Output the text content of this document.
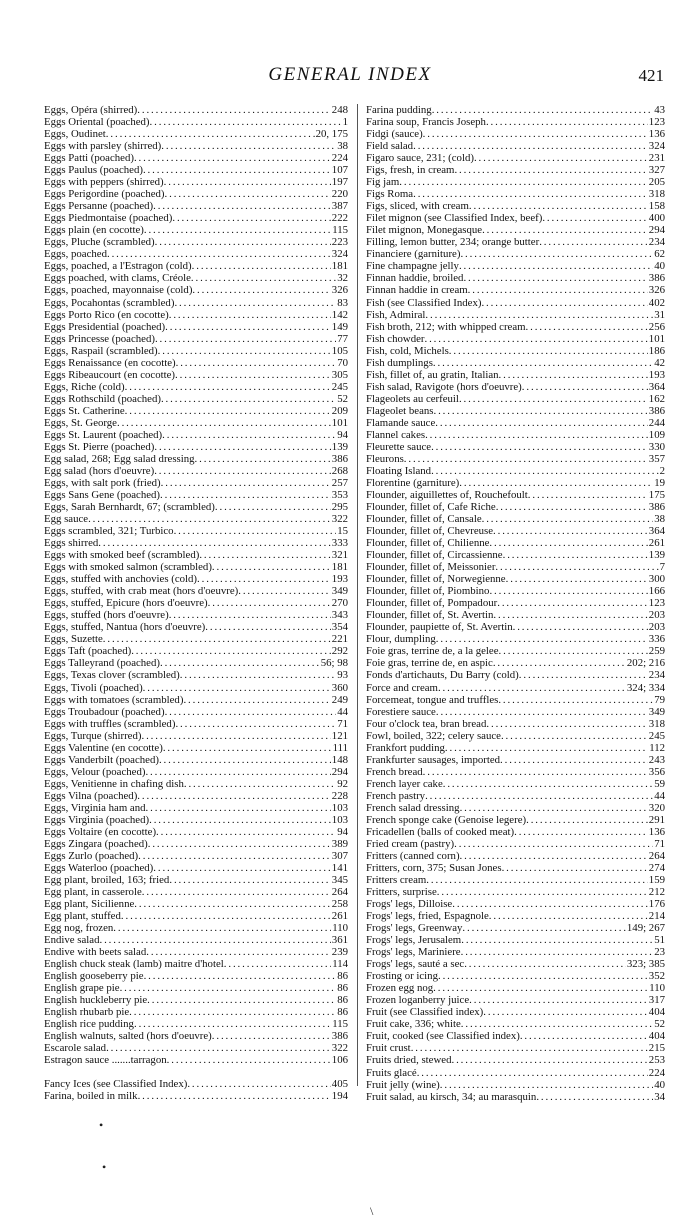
GENERAL INDEX	421
Eggs, Opéra (shirred) . . .	248
Eggs Oriental (poached) . . .	1
Eggs, Oudinet . . .	20, 175
Eggs with parsley (shirred) . . .	38
Eggs Patti (poached) . . .	224
Eggs Paulus (poached) . . .	107
Eggs with peppers (shirred) . . .	197
Eggs Perigordine (poached) . . .	220
Eggs Persanne (poached) . . .	387
Eggs Piedmontaise (poached) . . .	222
Eggs plain (en cocotte) . . .	115
Eggs, Pluche (scrambled) . . .	223
Eggs, poached . . .	324
Eggs, poached, a l'Estragon (cold) . . .	181
Eggs poached, with clams, Créole . . .	32
Eggs, poached, mayonnaise (cold) . . .	326
Eggs, Pocahontas (scrambled) . . .	83
Eggs Porto Rico (en cocotte) . . .	142
Eggs Presidential (poached) . . .	149
Eggs Princesse (poached) . . .	77
Eggs, Raspail (scrambled) . . .	105
Eggs Renaissance (en cocotte) . . .	70
Eggs Ribeaucourt (en cocotte) . . .	305
Eggs, Riche (cold) . . .	245
Eggs Rothschild (poached) . . .	52
Eggs St. Catherine . . .	209
Eggs, St. George . . .	101
Eggs St. Laurent (poached) . . .	94
Eggs St. Pierre (poached) . . .	139
Egg salad, 268; Egg salad dressing . . .	386
Egg salad (hors d'oeuvre) . . .	268
Eggs, with salt pork (fried) . . .	257
Eggs Sans Gene (poached) . . .	353
Eggs, Sarah Bernhardt, 67; (scrambled) . . .	295
Egg sauce . . .	322
Eggs scrambled, 321; Turbico . . .	15
Eggs shirred . . .	333
Eggs with smoked beef (scrambled) . . .	321
Eggs with smoked salmon (scrambled) . . .	181
Eggs, stuffed with anchovies (cold) . . .	193
Eggs, stuffed, with crab meat (hors d'oeuvre) . . .	349
Eggs, stuffed, Epicure (hors d'oeuvre) . . .	270
Eggs, stuffed (hors d'oeuvre) . . .	343
Eggs, stuffed, Nantua (hors d'oeuvre) . . .	354
Eggs, Suzette . . .	221
Eggs Taft (poached) . . .	292
Eggs Talleyrand (poached) . . .	56; 98
Eggs, Texas clover (scrambled) . . .	93
Eggs, Tivoli (poached) . . .	360
Eggs with tomatoes (scrambled) . . .	249
Eggs Troubadour (poached) . . .	44
Eggs with truffles (scrambled) . . .	71
Eggs, Turque (shirred) . . .	121
Eggs Valentine (en cocotte) . . .	111
Eggs Vanderbilt (poached) . . .	148
Eggs, Velour (poached) . . .	294
Eggs, Venitienne in chafing dish . . .	92
Eggs Vilna (poached) . . .	228
Eggs, Virginia ham and . . .	103
Eggs Virginia (poached) . . .	103
Eggs Voltaire (en cocotte) . . .	94
Eggs Zingara (poached) . . .	389
Eggs Zurlo (poached) . . .	307
Eggs Waterloo (poached) . . .	141
Egg plant, broiled, 163; fried . . .	345
Egg plant, in casserole . . .	264
Egg plant, Sicilienne . . .	258
Egg plant, stuffed . . .	261
Egg nog, frozen . . .	110
Endive salad . . .	361
Endive with beets salad . . .	239
English chuck steak (lamb) maitre d'hotel . . .	114
English gooseberry pie . . .	86
English grape pie . . .	86
English huckleberry pie . . .	86
English rhubarb pie . . .	86
English rice pudding . . .	115
English walnuts, salted (hors d'oeuvre) . . .	386
Escarole salad . . .	322
Estragon sauce .......tarragon . . .	106
Fancy Ices (see Classified Index) . . .	405
Farina, boiled in milk . . .	194
Farina pudding . . .	43
Farina soup, Francis Joseph . . .	123
Fidgi (sauce) . . .	136
Field salad . . .	324
Figaro sauce, 231; (cold) . . .	231
Figs, fresh, in cream . . .	327
Fig jam . . .	205
Figs Roma . . .	318
Figs, sliced, with cream . . .	158
Filet mignon (see Classified Index, beef) . . .	400
Filet mignon, Monegasque . . .	294
Filling, lemon butter, 234; orange butter . . .	234
Financiere (garniture) . . .	62
Fine champagne jelly . . .	40
Finnan haddie, broiled . . .	386
Finnan haddie in cream . . .	326
Fish (see Classified Index) . . .	402
Fish, Admiral . . .	31
Fish broth, 212; with whipped cream . . .	256
Fish chowder . . .	101
Fish, cold, Michels . . .	186
Fish dumplings . . .	42
Fish, fillet of, au gratin, Italian . . .	193
Fish salad, Ravigote (hors d'oeuvre) . . .	364
Flageolets au cerfeuil . . .	162
Flageolet beans . . .	386
Flamande sauce . . .	244
Flannel cakes . . .	109
Fleurette sauce . . .	330
Fleurons . . .	357
Floating Island . . .	2
Florentine (garniture) . . .	19
Flounder, aiguillettes of, Rouchefoult . . .	175
Flounder, fillet of, Cafe Riche . . .	386
Flounder, fillet of, Cansale . . .	38
Flounder, fillet of, Chevreuse . . .	364
Flounder, fillet of, Chilienne . . .	261
Flounder, fillet of, Circassienne . . .	139
Flounder, fillet of, Meissonier . . .	7
Flounder, fillet of, Norwegienne . . .	300
Flounder, fillet of, Piombino . . .	166
Flounder, fillet of, Pompadour . . .	123
Flounder, fillet of, St. Avertin . . .	203
Flounder, paupiette of, St. Avertin . . .	203
Flour, dumpling . . .	336
Foie gras, terrine de, a la gelee . . .	259
Foie gras, terrine de, en aspic . . .	202; 216
Fonds d'artichauts, Du Barry (cold) . . .	234
Force and cream . . .	324; 334
Forcemeat, tongue and truffles . . .	79
Forestiere sauce . . .	349
Four o'clock tea, bran bread . . .	318
Fowl, boiled, 322; celery sauce . . .	245
Frankfort pudding . . .	112
Frankfurter sausages, imported . . .	243
French bread . . .	356
French layer cake . . .	59
French pastry . . .	44
French salad dressing . . .	320
French sponge cake (Genoise legere) . . .	291
Fricadellen (balls of cooked meat) . . .	136
Fried cream (pastry) . . .	71
Fritters (canned corn) . . .	264
Fritters, corn, 375; Susan Jones . . .	274
Fritters cream . . .	159
Fritters, surprise . . .	212
Frogs' legs, Dilloise . . .	176
Frogs' legs, fried, Espagnole . . .	214
Frogs' legs, Greenway . . .	149; 267
Frogs' legs, Jerusalem . . .	51
Frogs' legs, Mariniere . . .	23
Frogs' legs, sauté a sec . . .	323; 385
Frosting or icing . . .	352
Frozen egg nog . . .	110
Frozen loganberry juice . . .	317
Fruit (see Classified index) . . .	404
Fruit cake, 336; white . . .	52
Fruit, cooked (see Classified index) . . .	404
Fruit crust . . .	215
Fruits dried, stewed . . .	253
Fruits glacé . . .	224
Fruit jelly (wine) . . .	40
Fruit salad, au kirsch, 34; au marasquin . . .	34
•
•
\
